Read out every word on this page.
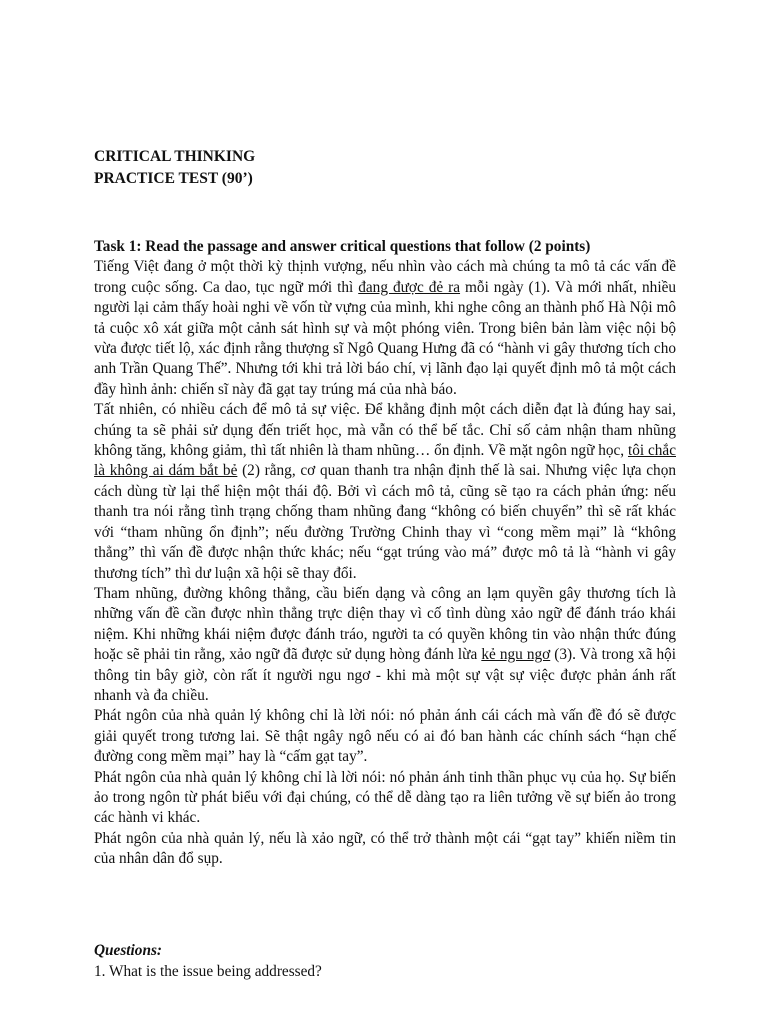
CRITICAL THINKING
PRACTICE TEST (90’)
Task 1: Read the passage and answer critical questions that follow (2 points)

Tiếng Việt đang ở một thời kỳ thịnh vượng, nếu nhìn vào cách mà chúng ta mô tả các vấn đề trong cuộc sống. Ca dao, tục ngữ mới thì đang được đẻ ra mỗi ngày (1). Và mới nhất, nhiều người lại cảm thấy hoài nghi về vốn từ vựng của mình, khi nghe công an thành phố Hà Nội mô tả cuộc xô xát giữa một cảnh sát hình sự và một phóng viên. Trong biên bản làm việc nội bộ vừa được tiết lộ, xác định rằng thượng sĩ Ngô Quang Hưng đã có “hành vi gây thương tích cho anh Trần Quang Thế”. Nhưng tới khi trả lời báo chí, vị lãnh đạo lại quyết định mô tả một cách đầy hình ảnh: chiến sĩ này đã gạt tay trúng má của nhà báo.

Tất nhiên, có nhiều cách để mô tả sự việc. Để khẳng định một cách diễn đạt là đúng hay sai, chúng ta sẽ phải sử dụng đến triết học, mà vẫn có thể bế tắc. Chỉ số cảm nhận tham nhũng không tăng, không giảm, thì tất nhiên là tham nhũng… ổn định. Về mặt ngôn ngữ học, tôi chắc là không ai dám bắt bẻ (2) rằng, cơ quan thanh tra nhận định thế là sai. Nhưng việc lựa chọn cách dùng từ lại thể hiện một thái độ. Bởi vì cách mô tả, cũng sẽ tạo ra cách phản ứng: nếu thanh tra nói rằng tình trạng chống tham nhũng đang “không có biến chuyển” thì sẽ rất khác với “tham nhũng ổn định”; nếu đường Trường Chinh thay vì “cong mềm mại” là “không thẳng” thì vấn đề được nhận thức khác; nếu “gạt trúng vào má” được mô tả là “hành vi gây thương tích” thì dư luận xã hội sẽ thay đổi.

Tham nhũng, đường không thẳng, cầu biến dạng và công an lạm quyền gây thương tích là những vấn đề cần được nhìn thẳng trực diện thay vì cố tình dùng xảo ngữ để đánh tráo khái niệm. Khi những khái niệm được đánh tráo, người ta có quyền không tin vào nhận thức đúng hoặc sẽ phải tin rằng, xảo ngữ đã được sử dụng hòng đánh lừa kẻ ngu ngơ (3). Và trong xã hội thông tin bây giờ, còn rất ít người ngu ngơ - khi mà một sự vật sự việc được phản ánh rất nhanh và đa chiều.

Phát ngôn của nhà quản lý không chỉ là lời nói: nó phản ánh cái cách mà vấn đề đó sẽ được giải quyết trong tương lai. Sẽ thật ngây ngô nếu có ai đó ban hành các chính sách “hạn chế đường cong mềm mại” hay là “cấm gạt tay”.

Phát ngôn của nhà quản lý không chỉ là lời nói: nó phản ánh tinh thần phục vụ của họ. Sự biến ảo trong ngôn từ phát biểu với đại chúng, có thể dễ dàng tạo ra liên tưởng về sự biến ảo trong các hành vi khác.

Phát ngôn của nhà quản lý, nếu là xảo ngữ, có thể trở thành một cái “gạt tay” khiến niềm tin của nhân dân đổ sụp.

Questions:
1. What is the issue being addressed?
